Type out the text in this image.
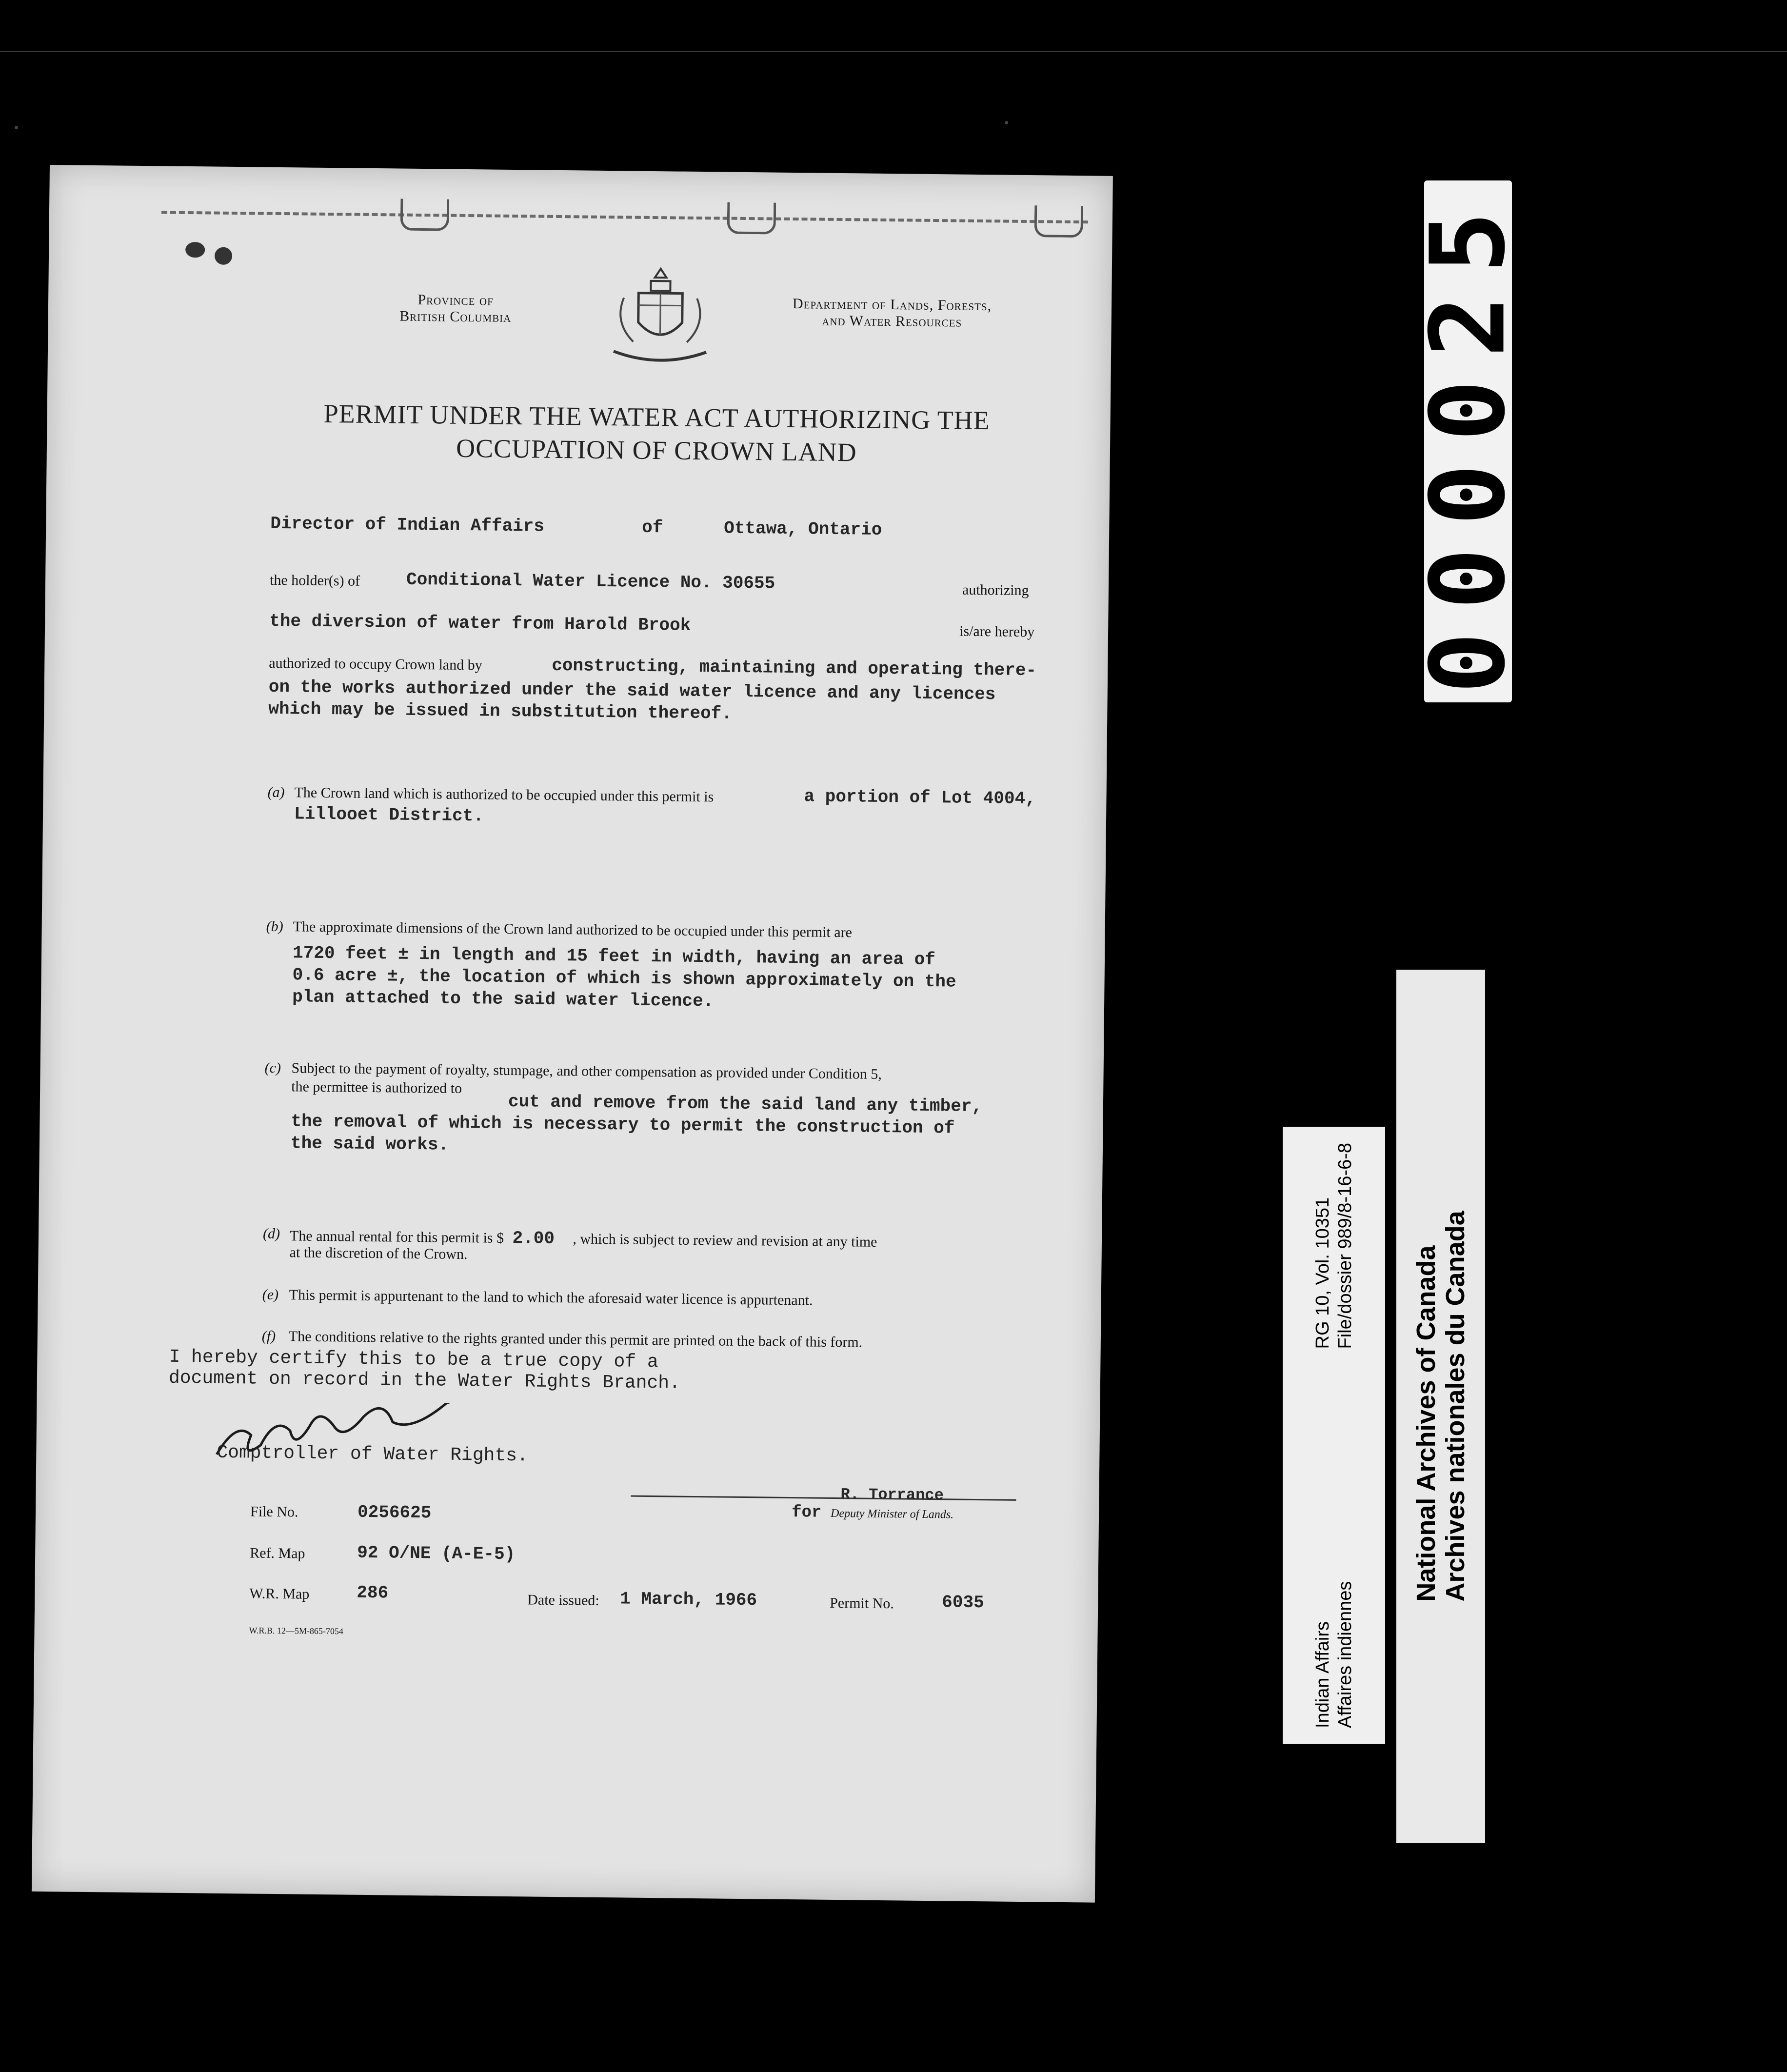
Province of
British Columbia
Department of Lands, Forests,
and Water Resources
PERMIT UNDER THE WATER ACT AUTHORIZING THE
OCCUPATION OF CROWN LAND
Director of Indian Affairs	of	Ottawa, Ontario
the holder(s) of	Conditional Water Licence No. 30655	authorizing
the diversion of water from Harold Brook	is/are hereby
authorized to occupy Crown land by	constructing, maintaining and operating there-
on the works authorized under the said water licence and any licences
which may be issued in substitution thereof.
(a) The Crown land which is authorized to be occupied under this permit is	a portion of Lot 4004,
Lillooet District.
(b) The approximate dimensions of the Crown land authorized to be occupied under this permit are
1720 feet ± in length and 15 feet in width, having an area of
0.6 acre ±, the location of which is shown approximately on the
plan attached to the said water licence.
(c) Subject to the payment of royalty, stumpage, and other compensation as provided under Condition 5,
the permittee is authorized to
cut and remove from the said land any timber,
the removal of which is necessary to permit the construction of
the said works.
(d) The annual rental for this permit is $ 2.00 , which is subject to review and revision at any time
at the discretion of the Crown.
(e) This permit is appurtenant to the land to which the aforesaid water licence is appurtenant.
(f) The conditions relative to the rights granted under this permit are printed on the back of this form.
I hereby certify this to be a true copy of a
document on record in the Water Rights Branch.
Comptroller of Water Rights.
File No.	0256625
Ref. Map	92 O/NE (A-E-5)
W.R. Map	286
W.R.B. 12—5M-865-7054
Date issued: 1 March, 1966	Permit No.	6035
R. Torrance
for Deputy Minister of Lands.
000025
Indian Affairs Affaires indiennes
RG 10, Vol. 10351 File/dossier 989/8-16-6-8 National Archives of Canada Archives nationales du Canada
